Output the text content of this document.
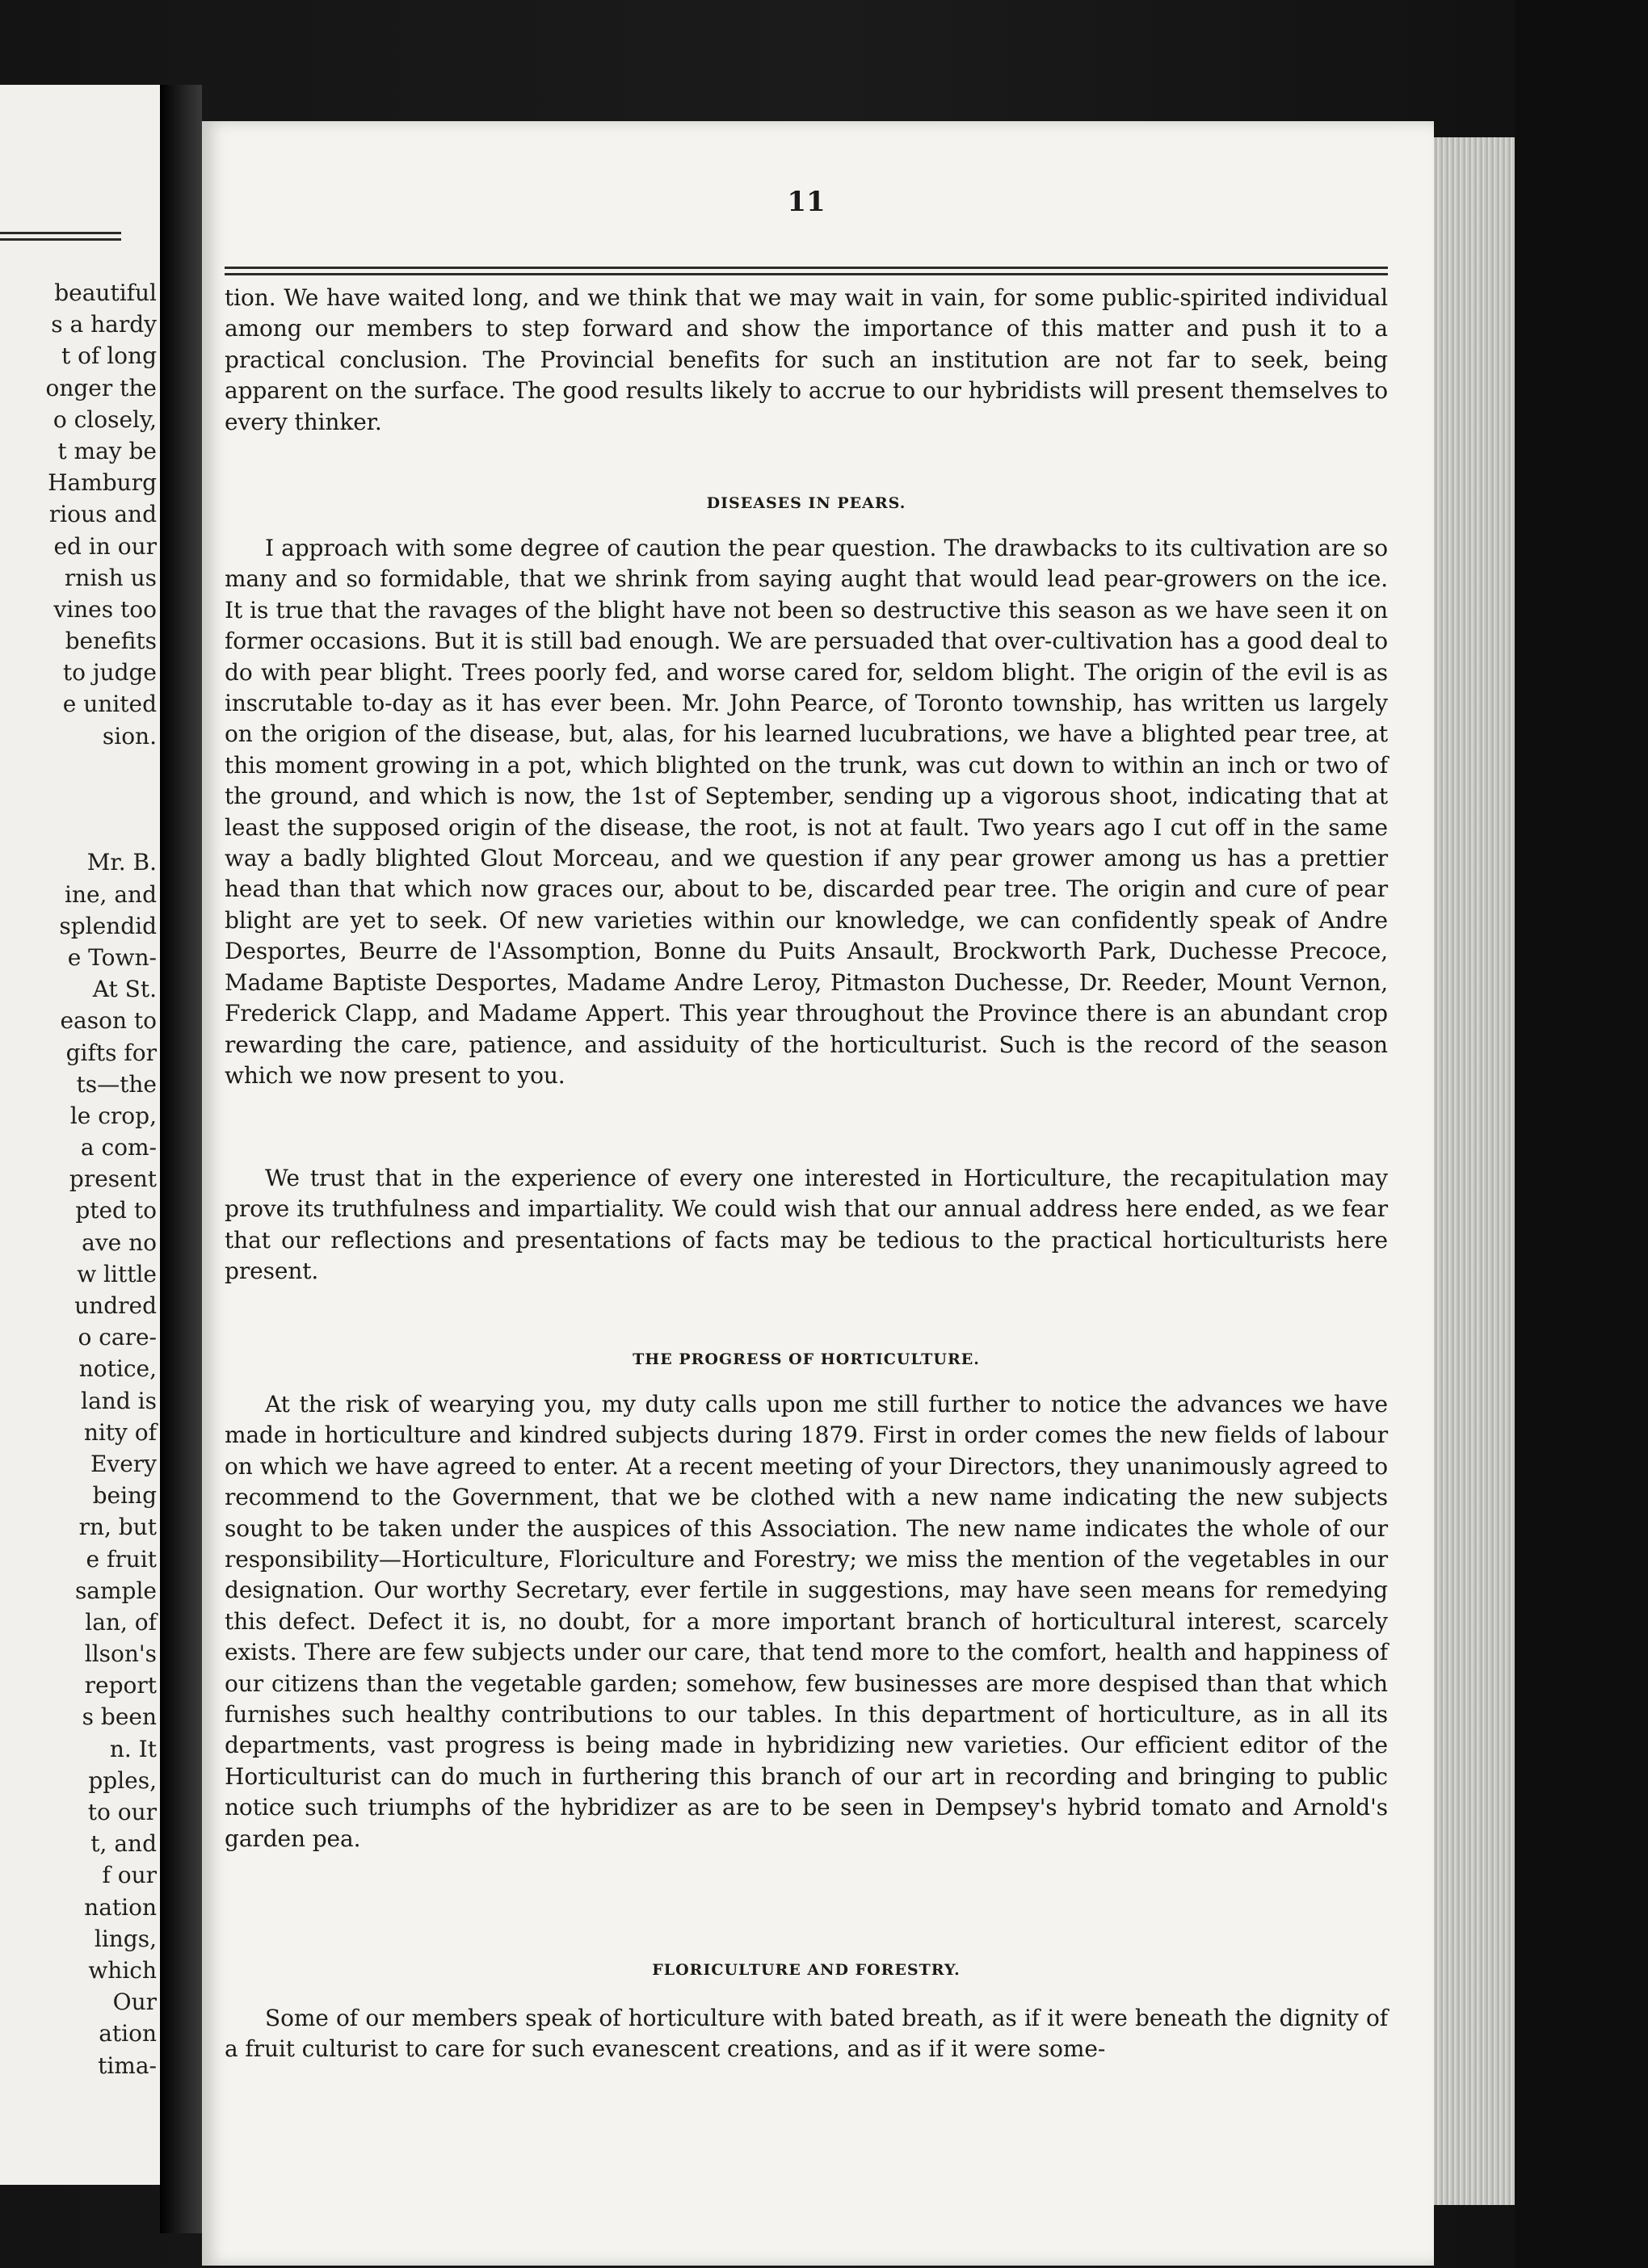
beautiful
s a hardy
t of long
onger the
o closely,
t may be
Hamburg
rious and
ed in our
rnish us
vines too
benefits
to judge
e united
sion.

Mr. B.
ine, and
splendid
e Town-
At St.
eason to
gifts for
ts—the
le crop,
a com-
present
pted to
ave no
w little
undred
o care-
notice,
land is
nity of
Every
being
rn, but
e fruit
sample
lan, of
llson's
report
s been
n. It
pples,
to our
t, and
f our
nation
lings,
which
Our
ation
tima-
11

tion. We have waited long, and we think that we may wait in vain, for some public-spirited individual among our members to step forward and show the importance of this matter and push it to a practical conclusion. The Provincial benefits for such an institution are not far to seek, being apparent on the surface. The good results likely to accrue to our hybridists will present themselves to every thinker.

DISEASES IN PEARS.

I approach with some degree of caution the pear question. The drawbacks to its cultivation are so many and so formidable, that we shrink from saying aught that would lead pear-growers on the ice. It is true that the ravages of the blight have not been so destructive this season as we have seen it on former occasions. But it is still bad enough. We are persuaded that over-cultivation has a good deal to do with pear blight. Trees poorly fed, and worse cared for, seldom blight. The origin of the evil is as inscrutable to-day as it has ever been. Mr. John Pearce, of Toronto township, has written us largely on the origion of the disease, but, alas, for his learned lucubrations, we have a blighted pear tree, at this moment growing in a pot, which blighted on the trunk, was cut down to within an inch or two of the ground, and which is now, the 1st of September, sending up a vigorous shoot, indicating that at least the supposed origin of the disease, the root, is not at fault. Two years ago I cut off in the same way a badly blighted Glout Morceau, and we question if any pear grower among us has a prettier head than that which now graces our, about to be, discarded pear tree. The origin and cure of pear blight are yet to seek. Of new varieties within our knowledge, we can confidently speak of Andre Desportes, Beurre de l'Assomption, Bonne du Puits Ansault, Brockworth Park, Duchesse Precoce, Madame Baptiste Desportes, Madame Andre Leroy, Pitmaston Duchesse, Dr. Reeder, Mount Vernon, Frederick Clapp, and Madame Appert. This year throughout the Province there is an abundant crop rewarding the care, patience, and assiduity of the horticulturist. Such is the record of the season which we now present to you.

We trust that in the experience of every one interested in Horticulture, the recapitulation may prove its truthfulness and impartiality. We could wish that our annual address here ended, as we fear that our reflections and presentations of facts may be tedious to the practical horticulturists here present.

THE PROGRESS OF HORTICULTURE.

At the risk of wearying you, my duty calls upon me still further to notice the advances we have made in horticulture and kindred subjects during 1879. First in order comes the new fields of labour on which we have agreed to enter. At a recent meeting of your Directors, they unanimously agreed to recommend to the Government, that we be clothed with a new name indicating the new subjects sought to be taken under the auspices of this Association. The new name indicates the whole of our responsibility—Horticulture, Floriculture and Forestry; we miss the mention of the vegetables in our designation. Our worthy Secretary, ever fertile in suggestions, may have seen means for remedying this defect. Defect it is, no doubt, for a more important branch of horticultural interest, scarcely exists. There are few subjects under our care, that tend more to the comfort, health and happiness of our citizens than the vegetable garden; somehow, few businesses are more despised than that which furnishes such healthy contributions to our tables. In this department of horticulture, as in all its departments, vast progress is being made in hybridizing new varieties. Our efficient editor of the Horticulturist can do much in furthering this branch of our art in recording and bringing to public notice such triumphs of the hybridizer as are to be seen in Dempsey's hybrid tomato and Arnold's garden pea.

FLORICULTURE AND FORESTRY.

Some of our members speak of horticulture with bated breath, as if it were beneath the dignity of a fruit culturist to care for such evanescent creations, and as if it were some-
